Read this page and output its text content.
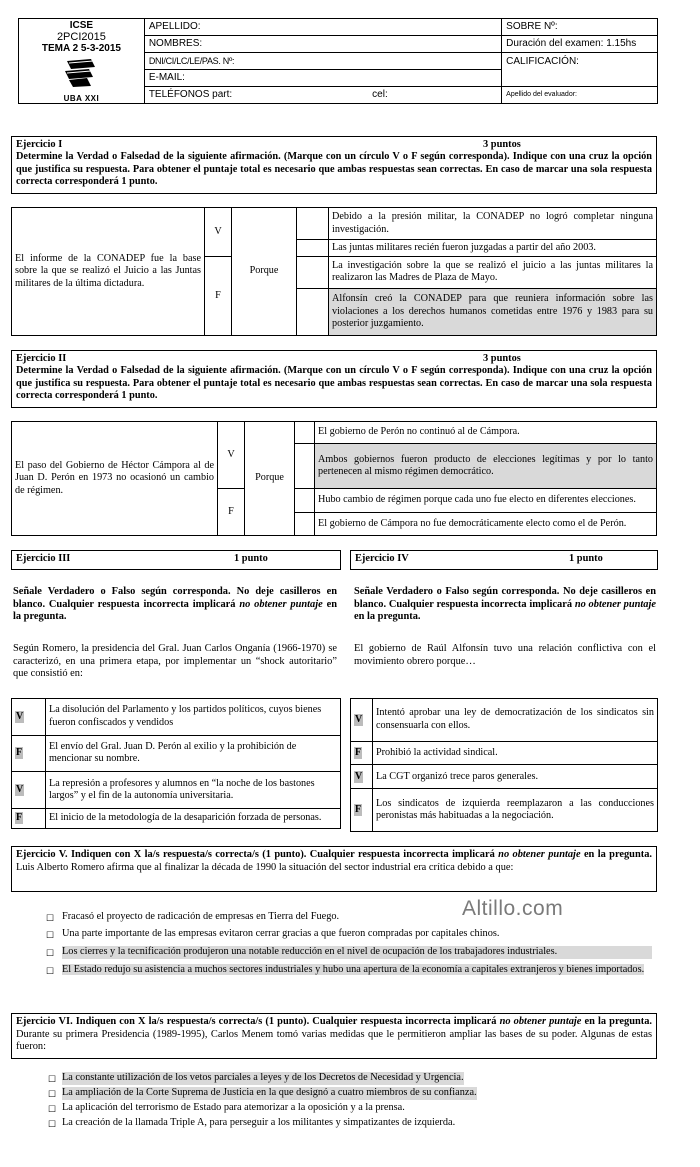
ICSE
2PCI2015
TEMA 2 5-3-2015
UBA XXI	APELLIDO:	SOBRE Nº:
	NOMBRES:	Duración del examen: 1.15hs
	DNI/CI/LC/LE/PAS. Nº:	CALIFICACIÓN:
	E-MAIL:	
	TELÉFONOS part: cel:	Apellido del evaluador:
Ejercicio I	3 puntos
Determine la Verdad o Falsedad de la siguiente afirmación. (Marque con un círculo V o F según corresponda). Indique con una cruz la opción que justifica su respuesta. Para obtener el puntaje total es necesario que ambas respuestas sean correctas. En caso de marcar una sola respuesta correcta corresponderá 1 punto.
El informe de la CONADEP fue la base sobre la que se realizó el Juicio a las Juntas militares de la última dictadura.	V	Porque		Debido a la presión militar, la CONADEP no logró completar ninguna investigación.
				Las juntas militares recién fueron juzgadas a partir del año 2003.
	F			La investigación sobre la que se realizó el juicio a las juntas militares la realizaron las Madres de Plaza de Mayo.
				Alfonsín creó la CONADEP para que reuniera información sobre las violaciones a los derechos humanos cometidas entre 1976 y 1983 para su posterior juzgamiento.
Ejercicio II	3 puntos
Determine la Verdad o Falsedad de la siguiente afirmación. (Marque con un círculo V o F según corresponda). Indique con una cruz la opción que justifica su respuesta. Para obtener el puntaje total es necesario que ambas respuestas sean correctas. En caso de marcar una sola respuesta correcta corresponderá 1 punto.
El paso del Gobierno de Héctor Cámpora al de Juan D. Perón en 1973 no ocasionó un cambio de régimen.	V	Porque		El gobierno de Perón no continuó al de Cámpora.
				Ambos gobiernos fueron producto de elecciones legítimas y por lo tanto pertenecen al mismo régimen democrático.
	F			Hubo cambio de régimen porque cada uno fue electo en diferentes elecciones.
				El gobierno de Cámpora no fue democráticamente electo como el de Perón.
Ejercicio III	1 punto
Señale Verdadero o Falso según corresponda. No deje casilleros en blanco. Cualquier respuesta incorrecta implicará no obtener puntaje en la pregunta.
Según Romero, la presidencia del Gral. Juan Carlos Onganía (1966-1970) se caracterizó, en una primera etapa, por implementar un “shock autoritario” que consistió en:
V	La disolución del Parlamento y los partidos políticos, cuyos bienes fueron confiscados y vendidos
F	El envío del Gral. Juan D. Perón al exilio y la prohibición de mencionar su nombre.
V	La represión a profesores y alumnos en “la noche de los bastones largos” y el fin de la autonomía universitaria.
F	El inicio de la metodología de la desaparición forzada de personas.
Ejercicio IV	1 punto
Señale Verdadero o Falso según corresponda. No deje casilleros en blanco. Cualquier respuesta incorrecta implicará no obtener puntaje en la pregunta.
El gobierno de Raúl Alfonsín tuvo una relación conflictiva con el movimiento obrero porque…
V	Intentó aprobar una ley de democratización de los sindicatos sin consensuarla con ellos.
F	Prohibió la actividad sindical.
V	La CGT organizó trece paros generales.
F	Los sindicatos de izquierda reemplazaron a las conducciones peronistas más habituadas a la negociación.
Ejercicio V. Indiquen con X la/s respuesta/s correcta/s (1 punto). Cualquier respuesta incorrecta implicará no obtener puntaje en la pregunta. Luis Alberto Romero afirma que al finalizar la década de 1990 la situación del sector industrial era crítica debido a que:
Altillo.com
☐ Fracasó el proyecto de radicación de empresas en Tierra del Fuego.
☐ Una parte importante de las empresas evitaron cerrar gracias a que fueron compradas por capitales chinos.
☐ Los cierres y la tecnificación produjeron una notable reducción en el nivel de ocupación de los trabajadores industriales.
☐ El Estado redujo su asistencia a muchos sectores industriales y hubo una apertura de la economía a capitales extranjeros y bienes importados.
Ejercicio VI. Indiquen con X la/s respuesta/s correcta/s (1 punto). Cualquier respuesta incorrecta implicará no obtener puntaje en la pregunta. Durante su primera Presidencia (1989-1995), Carlos Menem tomó varias medidas que le permitieron ampliar las bases de su poder. Algunas de estas fueron:
☐ La constante utilización de los vetos parciales a leyes y de los Decretos de Necesidad y Urgencia.
☐ La ampliación de la Corte Suprema de Justicia en la que designó a cuatro miembros de su confianza.
☐ La aplicación del terrorismo de Estado para atemorizar a la oposición y a la prensa.
☐ La creación de la llamada Triple A, para perseguir a los militantes y simpatizantes de izquierda.
